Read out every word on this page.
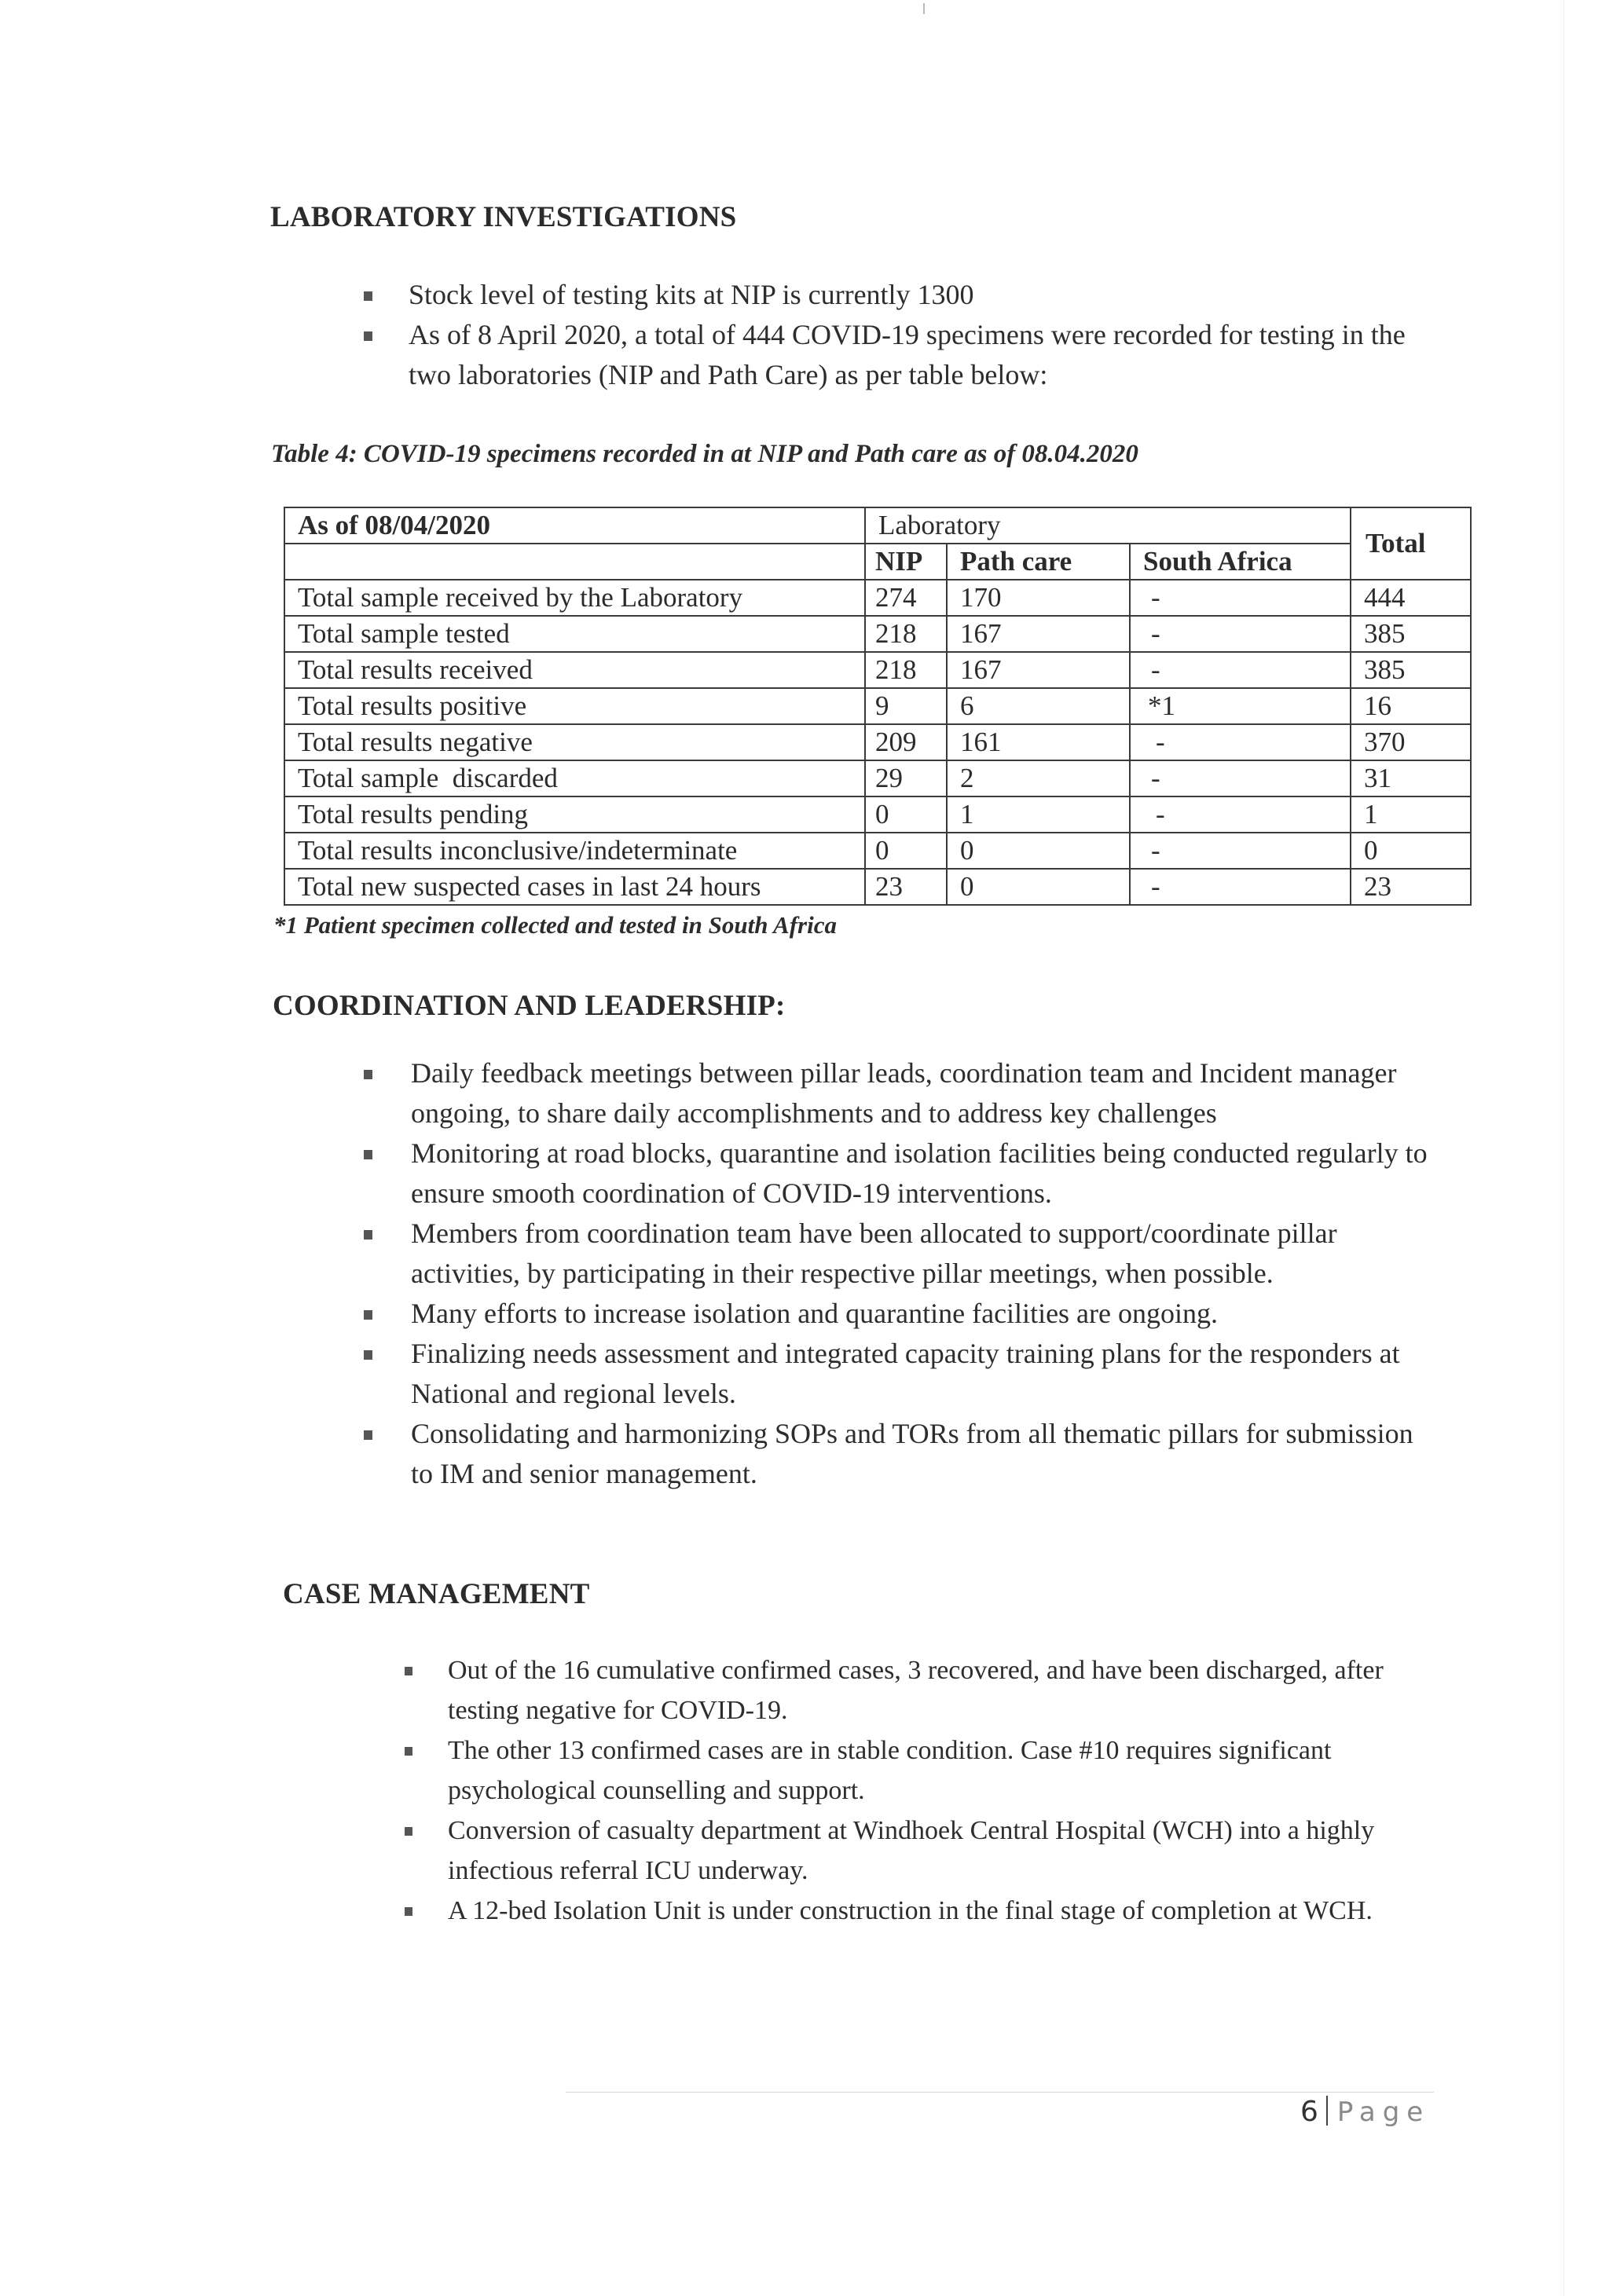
LABORATORY INVESTIGATIONS
Stock level of testing kits at NIP is currently 1300
As of 8 April 2020, a total of 444 COVID-19 specimens were recorded for testing in the two laboratories (NIP and Path Care) as per table below:
Table 4: COVID-19 specimens recorded in at NIP and Path care as of 08.04.2020
As of 08/04/2020	Laboratory			Total
	NIP	Path care	South Africa	
Total sample received by the Laboratory	274	170	-	444
Total sample tested	218	167	-	385
Total results received	218	167	-	385
Total results positive	9	6	*1	16
Total results negative	209	161	-	370
Total sample  discarded	29	2	-	31
Total results pending	0	1	-	1
Total results inconclusive/indeterminate	0	0	-	0
Total new suspected cases in last 24 hours	23	0	-	23
*1 Patient specimen collected and tested in South Africa
COORDINATION AND LEADERSHIP:
Daily feedback meetings between pillar leads, coordination team and Incident manager ongoing, to share daily accomplishments and to address key challenges
Monitoring at road blocks, quarantine and isolation facilities being conducted regularly to ensure smooth coordination of COVID-19 interventions.
Members from coordination team have been allocated to support/coordinate pillar activities, by participating in their respective pillar meetings, when possible.
Many efforts to increase isolation and quarantine facilities are ongoing.
Finalizing needs assessment and integrated capacity training plans for the responders at National and regional levels.
Consolidating and harmonizing SOPs and TORs from all thematic pillars for submission to IM and senior management.
CASE MANAGEMENT
Out of the 16 cumulative confirmed cases, 3 recovered, and have been discharged, after testing negative for COVID-19.
The other 13 confirmed cases are in stable condition. Case #10 requires significant psychological counselling and support.
Conversion of casualty department at Windhoek Central Hospital (WCH) into a highly infectious referral ICU underway.
A 12-bed Isolation Unit is under construction in the final stage of completion at WCH.
6 Page
